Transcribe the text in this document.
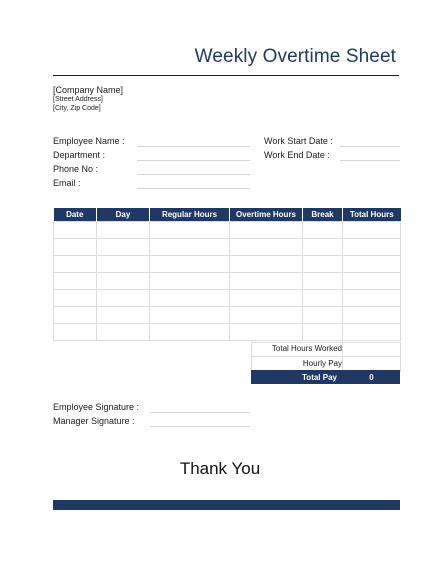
Weekly Overtime Sheet
[Company Name]
[Street Address]
[City, Zip Code]
Employee Name :
Department :
Phone No :
Email :
Work Start Date :
Work End Date :
Date	Day	Regular Hours	Overtime Hours	Break	Total Hours

Total Hours Worked
Hourly Pay
Total Pay	0
Employee Signature :
Manager Signature :
Thank You
